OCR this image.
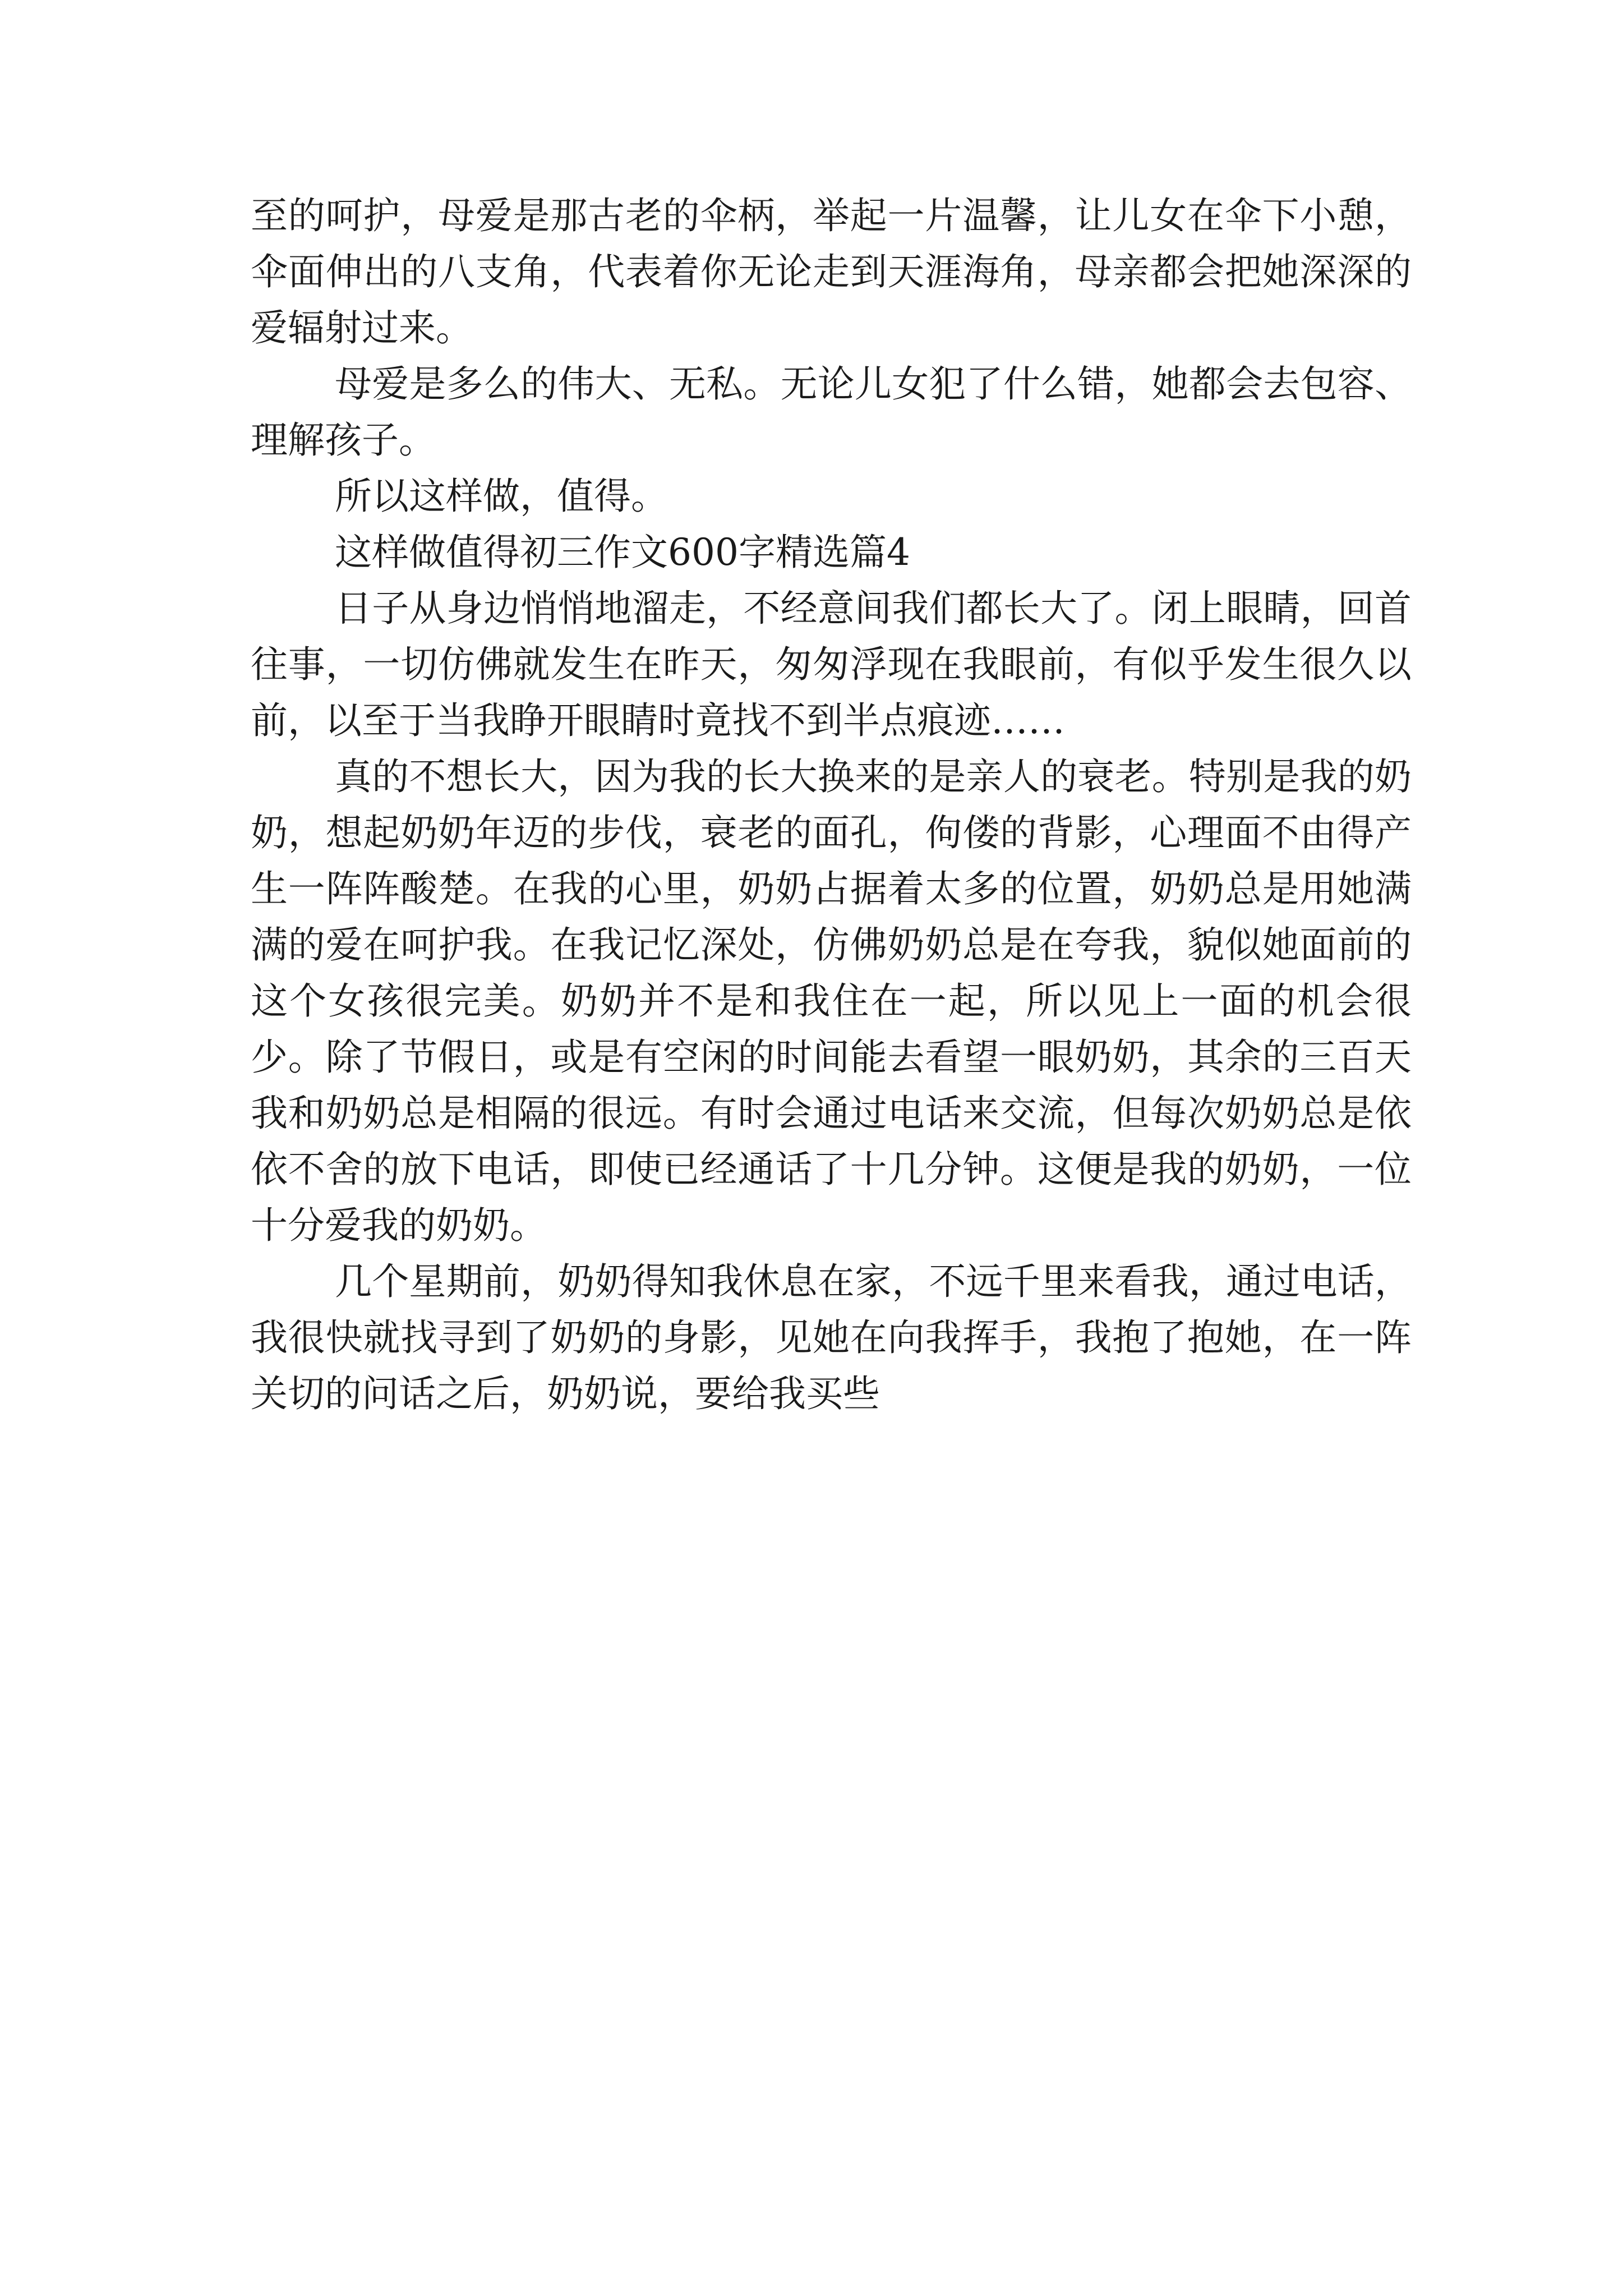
至的呵护，母爱是那古老的伞柄，举起一片温馨，让儿女在伞下小憩，伞面伸出的八支角，代表着你无论走到天涯海角，母亲都会把她深深的爱辐射过来。

母爱是多么的伟大、无私。无论儿女犯了什么错，她都会去包容、理解孩子。

所以这样做，值得。

这样做值得初三作文600字精选篇4

日子从身边悄悄地溜走，不经意间我们都长大了。闭上眼睛，回首往事，一切仿佛就发生在昨天，匆匆浮现在我眼前，有似乎发生很久以前，以至于当我睁开眼睛时竟找不到半点痕迹……

真的不想长大，因为我的长大换来的是亲人的衰老。特别是我的奶奶，想起奶奶年迈的步伐，衰老的面孔，佝偻的背影，心理面不由得产生一阵阵酸楚。在我的心里，奶奶占据着太多的位置，奶奶总是用她满满的爱在呵护我。在我记忆深处，仿佛奶奶总是在夸我，貌似她面前的这个女孩很完美。奶奶并不是和我住在一起，所以见上一面的机会很少。除了节假日，或是有空闲的时间能去看望一眼奶奶，其余的三百天我和奶奶总是相隔的很远。有时会通过电话来交流，但每次奶奶总是依依不舍的放下电话，即使已经通话了十几分钟。这便是我的奶奶，一位十分爱我的奶奶。

几个星期前，奶奶得知我休息在家，不远千里来看我，通过电话，我很快就找寻到了奶奶的身影，见她在向我挥手，我抱了抱她，在一阵关切的问话之后，奶奶说，要给我买些
